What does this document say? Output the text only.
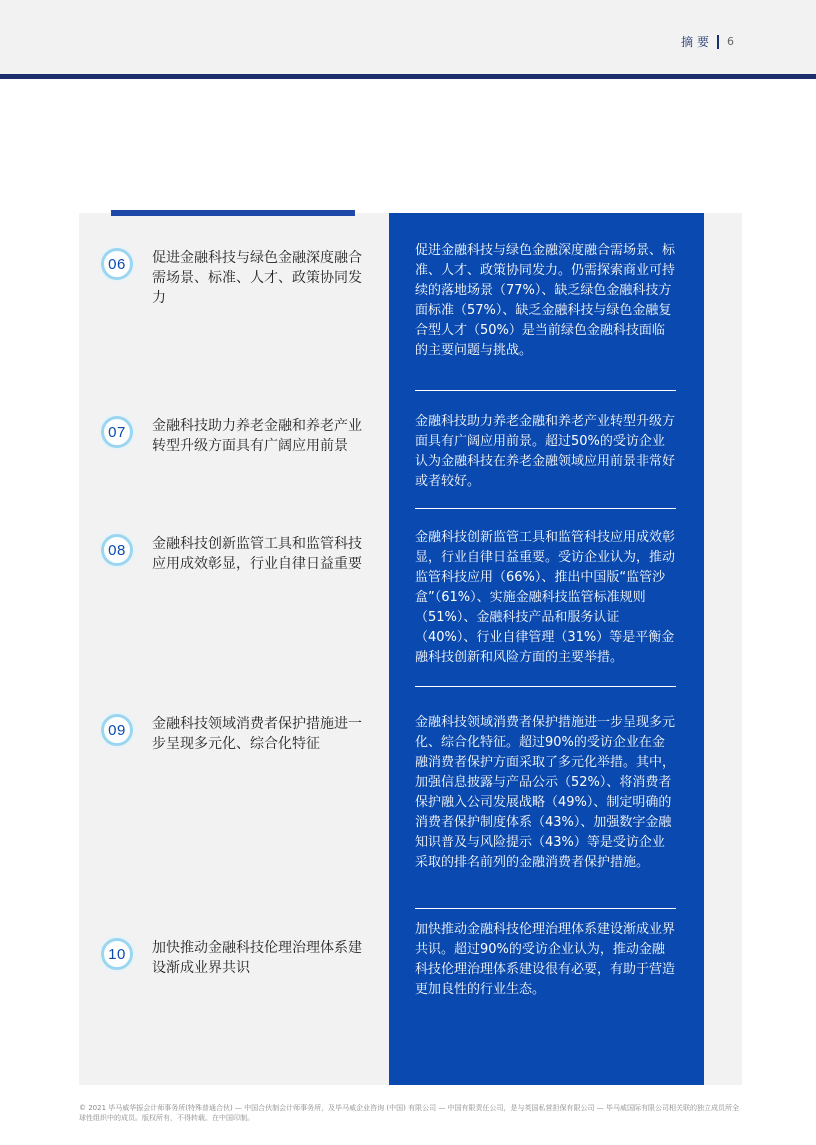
摘 要 6
06	促进金融科技与绿色金融深度融合需场景、标准、人才、政策协同发力
促进金融科技与绿色金融深度融合需场景、标准、人才、政策协同发力。仍需探索商业可持续的落地场景（77%）、缺乏绿色金融科技方面标准（57%）、缺乏金融科技与绿色金融复合型人才（50%）是当前绿色金融科技面临的主要问题与挑战。
07	金融科技助力养老金融和养老产业转型升级方面具有广阔应用前景
金融科技助力养老金融和养老产业转型升级方面具有广阔应用前景。超过50%的受访企业认为金融科技在养老金融领域应用前景非常好或者较好。
08	金融科技创新监管工具和监管科技应用成效彰显，行业自律日益重要
金融科技创新监管工具和监管科技应用成效彰显，行业自律日益重要。受访企业认为，推动监管科技应用（66%）、推出中国版“监管沙盒”（61%）、实施金融科技监管标准规则（51%）、金融科技产品和服务认证（40%）、行业自律管理（31%）等是平衡金融科技创新和风险方面的主要举措。
09	金融科技领域消费者保护措施进一步呈现多元化、综合化特征
金融科技领域消费者保护措施进一步呈现多元化、综合化特征。超过90%的受访企业在金融消费者保护方面采取了多元化举措。其中，加强信息披露与产品公示（52%）、将消费者保护融入公司发展战略（49%）、制定明确的消费者保护制度体系（43%）、加强数字金融知识普及与风险提示（43%）等是受访企业采取的排名前列的金融消费者保护措施。
10	加快推动金融科技伦理治理体系建设渐成业界共识
加快推动金融科技伦理治理体系建设渐成业界共识。超过90%的受访企业认为，推动金融科技伦理治理体系建设很有必要，有助于营造更加良性的行业生态。
© 2021 毕马威华振会计师事务所(特殊普通合伙) — 中国合伙制会计师事务所，及毕马威企业咨询 (中国) 有限公司 — 中国有限责任公司，是与英国私营担保有限公司 — 毕马威国际有限公司相关联的独立成员所全球性组织中的成员。版权所有，不得转载。在中国印制。
